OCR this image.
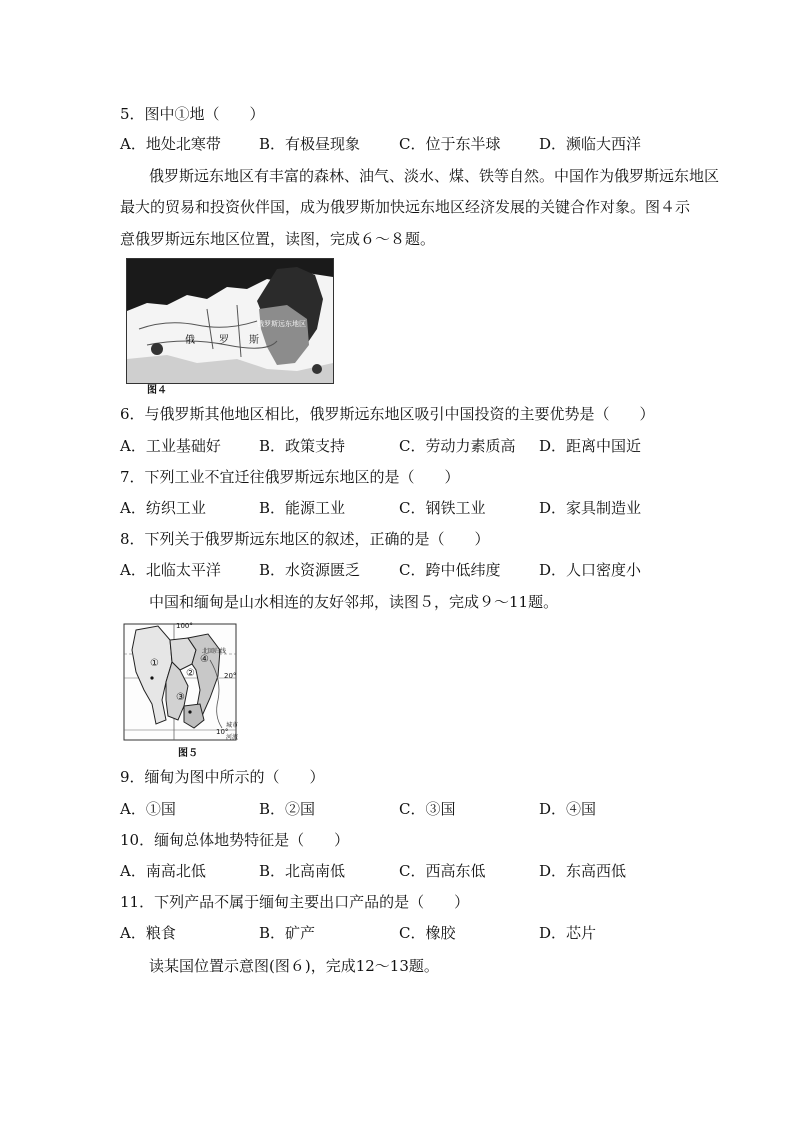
5．图中①地（　　）
A．地处北寒带	B．有极昼现象	C．位于东半球	D．濒临大西洋
俄罗斯远东地区有丰富的森林、油气、淡水、煤、铁等自然。中国作为俄罗斯远东地区
最大的贸易和投资伙伴国，成为俄罗斯加快远东地区经济发展的关键合作对象。图４示
意俄罗斯远东地区位置，读图，完成６～８题。
俄 罗 斯
俄罗斯远东地区
图４
6．与俄罗斯其他地区相比，俄罗斯远东地区吸引中国投资的主要优势是（　　）
A．工业基础好	B．政策支持	C．劳动力素质高 D．距离中国近
7．下列工业不宜迁往俄罗斯远东地区的是（　　）
A．纺织工业	B．能源工业	C．钢铁工业	D．家具制造业
8．下列关于俄罗斯远东地区的叙述，正确的是（　　）
A．北临太平洋	B．水资源匮乏	C．跨中低纬度	D．人口密度小
中国和缅甸是山水相连的友好邻邦，读图５，完成９～11题。
100°
北回归线
①
②
③
④
20°
10°
城市
河流
图５
9．缅甸为图中所示的（　　）
A．①国	B．②国	C．③国	D．④国
10．缅甸总体地势特征是（　　）
A．南高北低	B．北高南低	C．西高东低	D．东高西低
11．下列产品不属于缅甸主要出口产品的是（　　）
A．粮食	B．矿产	C．橡胶	D．芯片
读某国位置示意图(图６)，完成12～13题。
